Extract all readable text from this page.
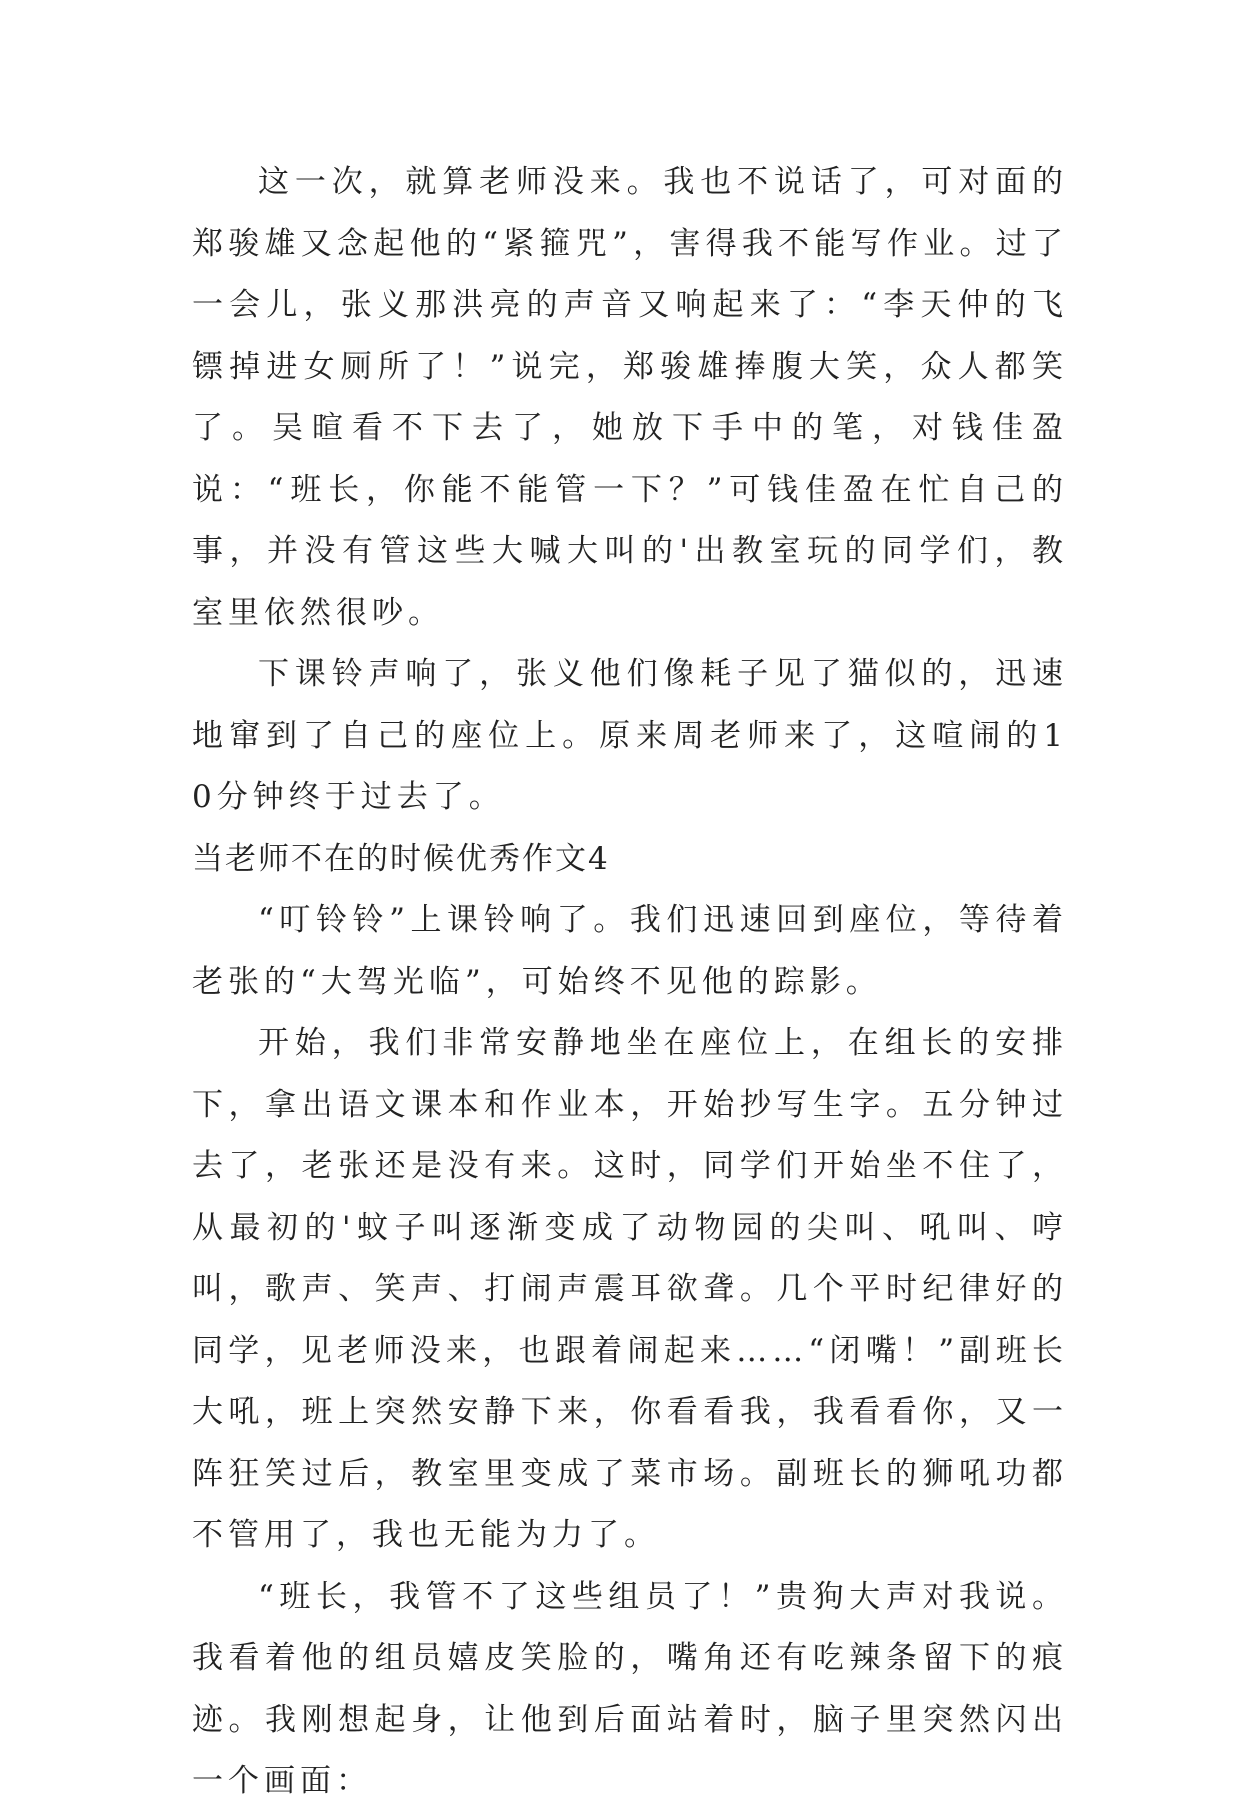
这一次，就算老师没来。我也不说话了，可对面的郑骏雄又念起他的“紧箍咒”，害得我不能写作业。过了一会儿，张义那洪亮的声音又响起来了：“李天仲的飞镖掉进女厕所了！”说完，郑骏雄捧腹大笑，众人都笑了。吴暄看不下去了，她放下手中的笔，对钱佳盈说：“班长，你能不能管一下？”可钱佳盈在忙自己的事，并没有管这些大喊大叫的'出教室玩的同学们，教室里依然很吵。

下课铃声响了，张义他们像耗子见了猫似的，迅速地窜到了自己的座位上。原来周老师来了，这喧闹的10分钟终于过去了。

当老师不在的时候优秀作文4

“叮铃铃”上课铃响了。我们迅速回到座位，等待着老张的“大驾光临”，可始终不见他的踪影。

开始，我们非常安静地坐在座位上，在组长的安排下，拿出语文课本和作业本，开始抄写生字。五分钟过去了，老张还是没有来。这时，同学们开始坐不住了，从最初的'蚊子叫逐渐变成了动物园的尖叫、吼叫、哼叫，歌声、笑声、打闹声震耳欲聋。几个平时纪律好的同学，见老师没来，也跟着闹起来……“闭嘴！”副班长大吼，班上突然安静下来，你看看我，我看看你，又一阵狂笑过后，教室里变成了菜市场。副班长的狮吼功都不管用了，我也无能为力了。

“班长，我管不了这些组员了！”贵狗大声对我说。我看着他的组员嬉皮笑脸的，嘴角还有吃辣条留下的痕迹。我刚想起身，让他到后面站着时，脑子里突然闪出一个画面：
